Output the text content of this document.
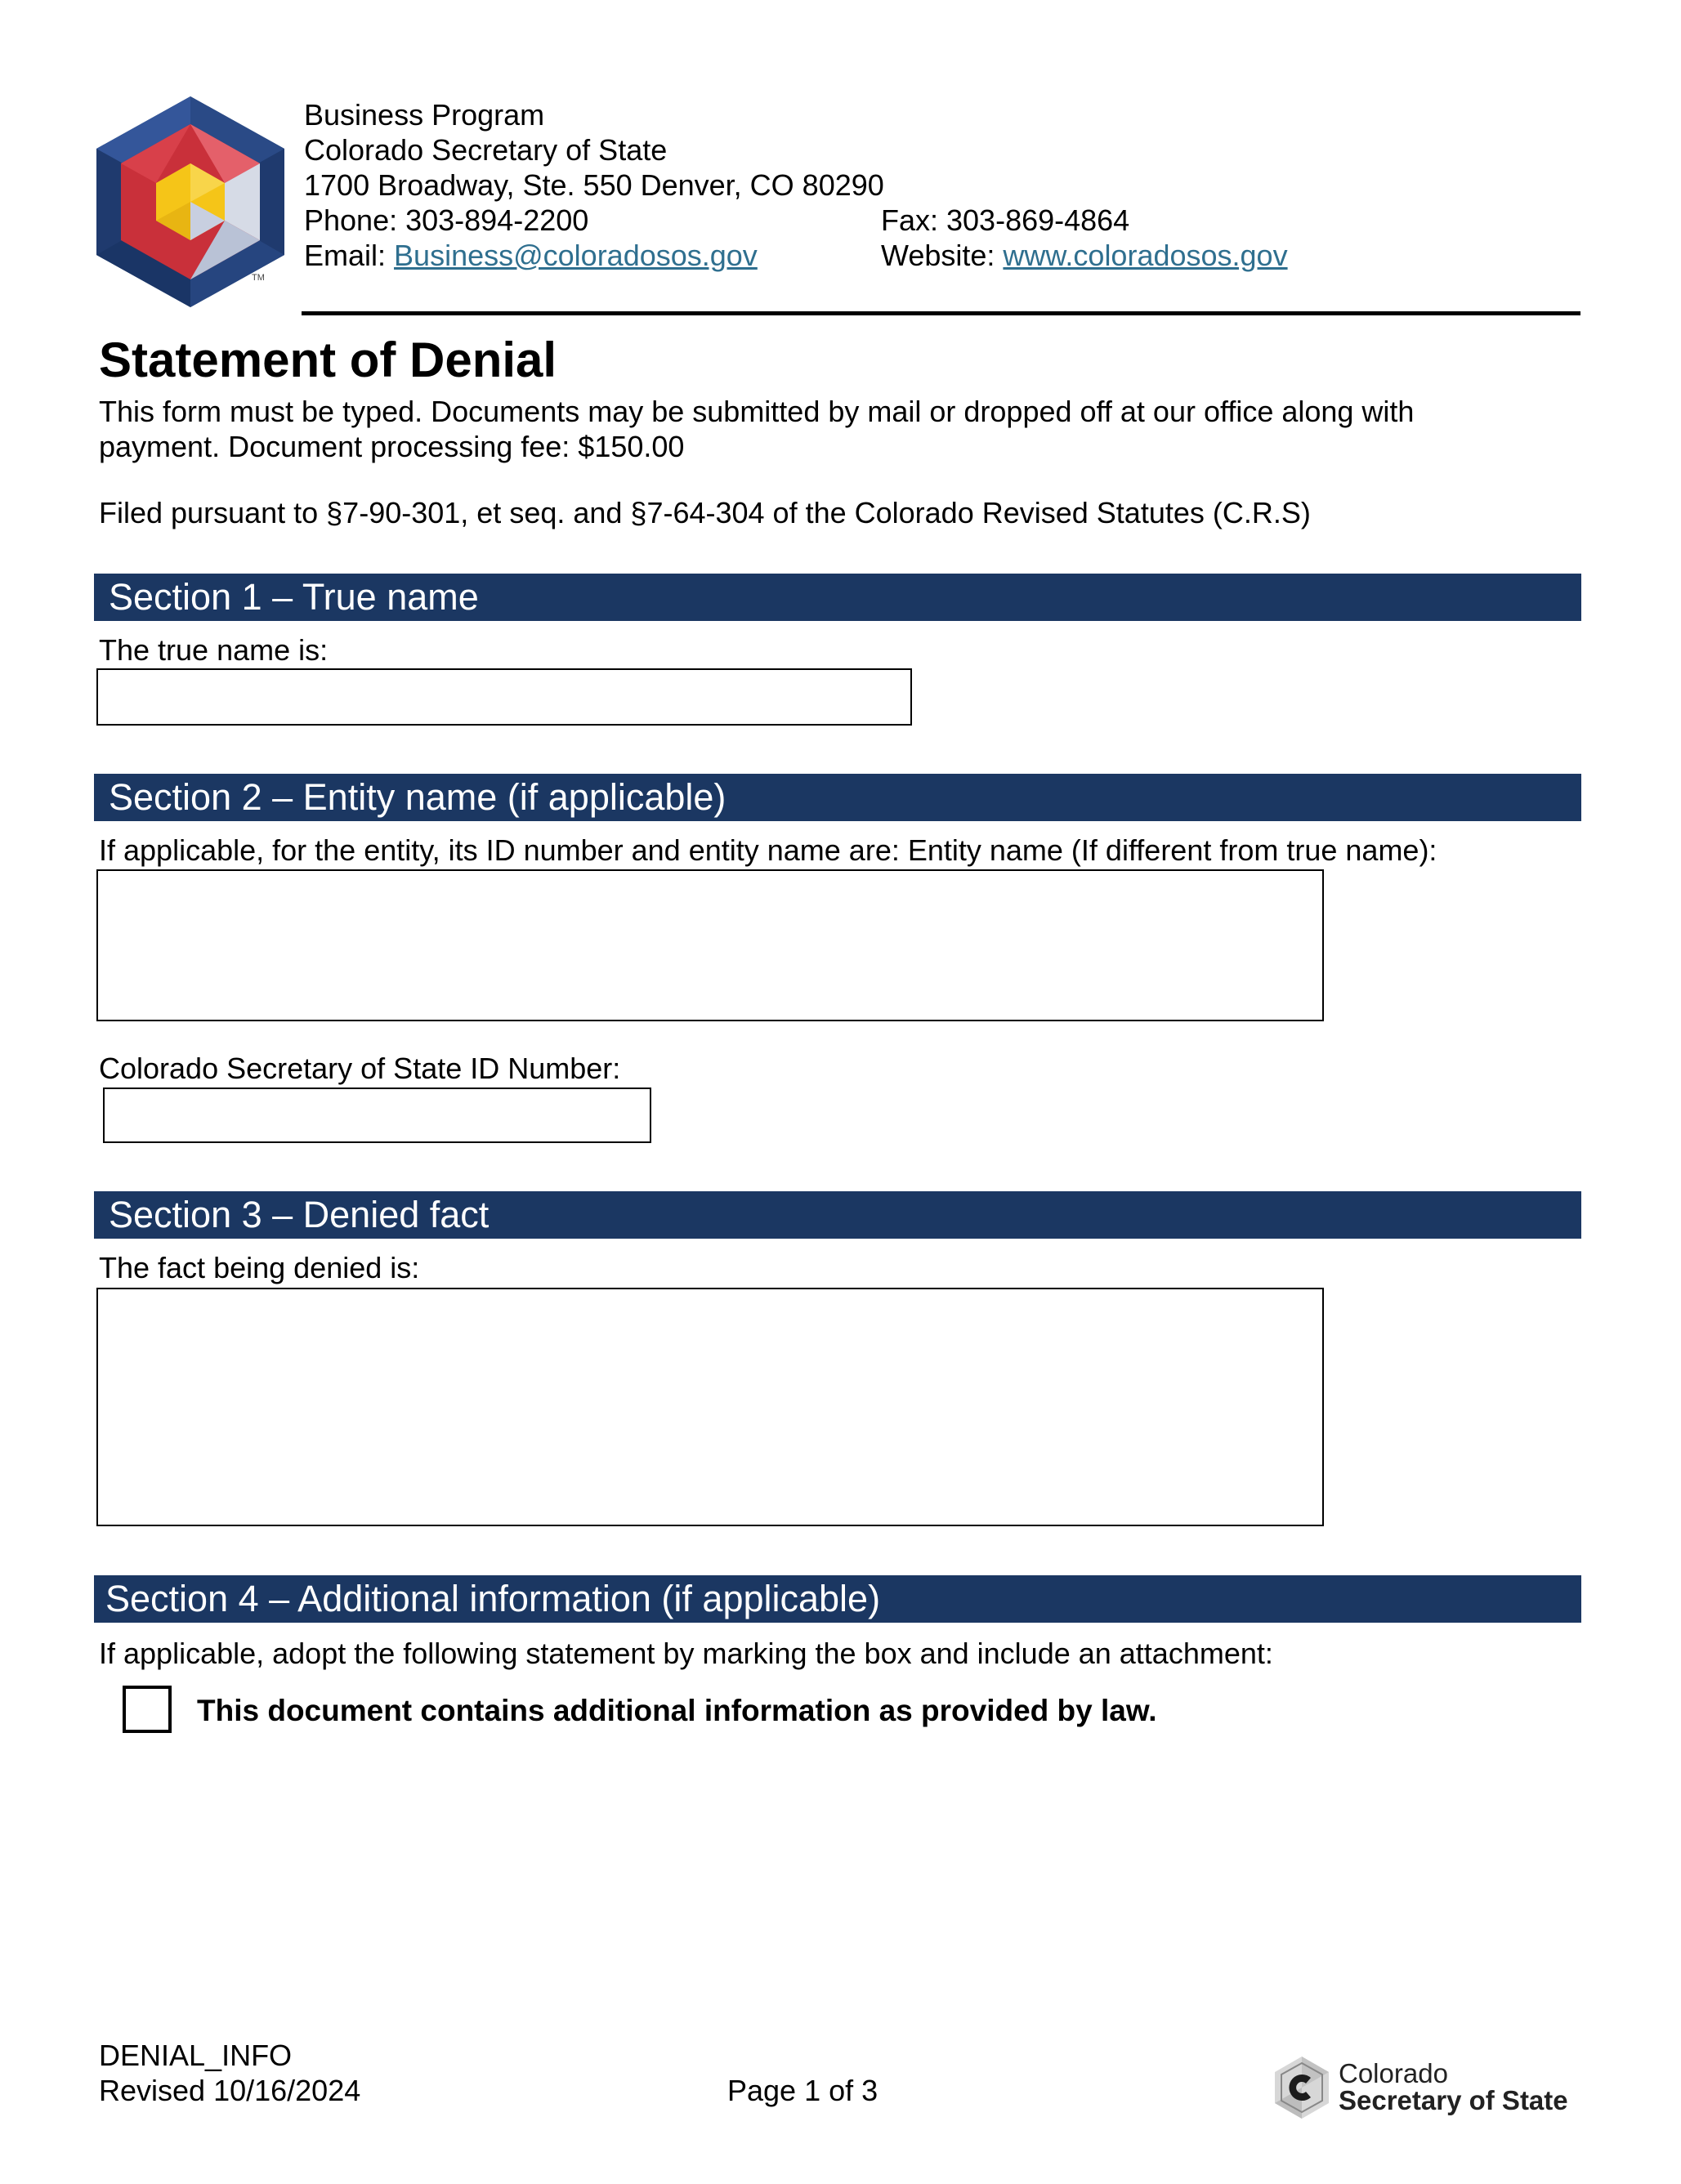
TM
Business Program
Colorado Secretary of State
1700 Broadway, Ste. 550 Denver, CO 80290
Phone: 303-894-2200	Fax: 303-869-4864
Email: Business@coloradosos.gov	Website: www.coloradosos.gov
Statement of Denial
This form must be typed. Documents may be submitted by mail or dropped off at our office along with payment. Document processing fee: $150.00
Filed pursuant to §7-90-301, et seq. and §7-64-304 of the Colorado Revised Statutes (C.R.S)
Section 1 – True name
The true name is:
Section 2 – Entity name (if applicable)
If applicable, for the entity, its ID number and entity name are: Entity name (If different from true name):
Colorado Secretary of State ID Number:
Section 3 – Denied fact
The fact being denied is:
Section 4 – Additional information (if applicable)
If applicable, adopt the following statement by marking the box and include an attachment:
This document contains additional information as provided by law.
DENIAL_INFO
Revised 10/16/2024	Page 1 of 3
Colorado
Secretary of State
